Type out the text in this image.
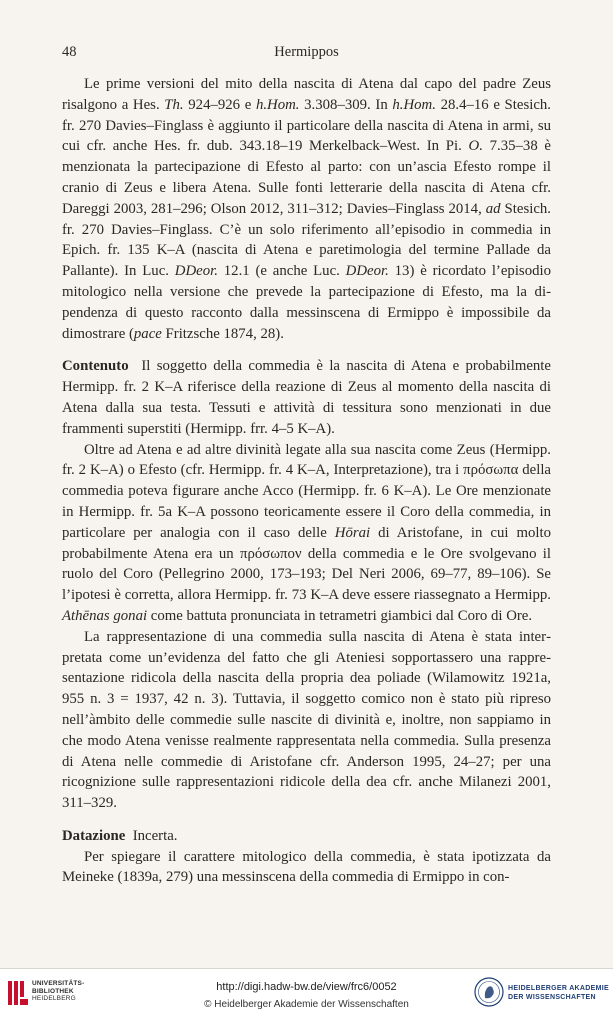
48	Hermippos

Le prime versioni del mito della nascita di Atena dal capo del padre Zeus risalgono a Hes. Th. 924–926 e h.Hom. 3.308–309. In h.Hom. 28.4–16 e Stesich. fr. 270 Davies–Finglass è aggiunto il particolare della nascita di Atena in armi, su cui cfr. anche Hes. fr. dub. 343.18–19 Merkelback–West. In Pi. O. 7.35–38 è menzionata la partecipazione di Efesto al parto: con un’ascia Efesto rompe il cranio di Zeus e libera Atena. Sulle fonti letterarie della nascita di Atena cfr. Dareggi 2003, 281–296; Olson 2012, 311–312; Davies–Finglass 2014, ad Stesich. fr. 270 Davies–Finglass. C’è un solo riferimento all’episodio in commedia in Epich. fr. 135 K–A (nascita di Atena e paretimologia del termine Pallade da Pallante). In Luc. DDeor. 12.1 (e anche Luc. DDeor. 13) è ricordato l’episodio mitologico nella versione che prevede la partecipazione di Efesto, ma la dipendenza di questo racconto dalla messinscena di Ermippo è impossibile da dimostrare (pace Fritzsche 1874, 28).

Contenuto Il soggetto della commedia è la nascita di Atena e probabilmente Hermipp. fr. 2 K–A riferisce della reazione di Zeus al momento della nascita di Atena dalla sua testa. Tessuti e attività di tessitura sono menzionati in due frammenti superstiti (Hermipp. frr. 4–5 K–A).

Oltre ad Atena e ad altre divinità legate alla sua nascita come Zeus (Hermipp. fr. 2 K–A) o Efesto (cfr. Hermipp. fr. 4 K–A, Interpretazione), tra i πρόσωπα della commedia poteva figurare anche Acco (Hermipp. fr. 6 K–A). Le Ore menzionate in Hermipp. fr. 5a K–A possono teoricamente essere il Coro della commedia, in particolare per analogia con il caso delle Hōrai di Aristofane, in cui molto probabilmente Atena era un πρόσωπον della commedia e le Ore svolgevano il ruolo del Coro (Pellegrino 2000, 173–193; Del Neri 2006, 69–77, 89–106). Se l’ipotesi è corretta, allora Hermipp. fr. 73 K–A deve essere riassegnato a Hermipp. Athēnas gonai come battuta pronunciata in tetrametri giambici dal Coro di Ore.

La rappresentazione di una commedia sulla nascita di Atena è stata interpretata come un’evidenza del fatto che gli Ateniesi sopportassero una rappresentazione ridicola della nascita della propria dea poliade (Wilamowitz 1921a, 955 n. 3 = 1937, 42 n. 3). Tuttavia, il soggetto comico non è stato più ripreso nell’àmbito delle commedie sulle nascite di divinità e, inoltre, non sappiamo in che modo Atena venisse realmente rappresentata nella commedia. Sulla presenza di Atena nelle commedie di Aristofane cfr. Anderson 1995, 24–27; per una ricognizione sulle rappresentazioni ridicole della dea cfr. anche Milanezi 2001, 311–329.

Datazione Incerta.

Per spiegare il carattere mitologico della commedia, è stata ipotizzata da Meineke (1839a, 279) una messinscena della commedia di Ermippo in con-

UNIVERSITÄTS-
BIBLIOTHEK
HEIDELBERG
http://digi.hadw-bw.de/view/frc6/0052
© Heidelberger Akademie der Wissenschaften
HEIDELBERGER AKADEMIE
DER WISSENSCHAFTEN
